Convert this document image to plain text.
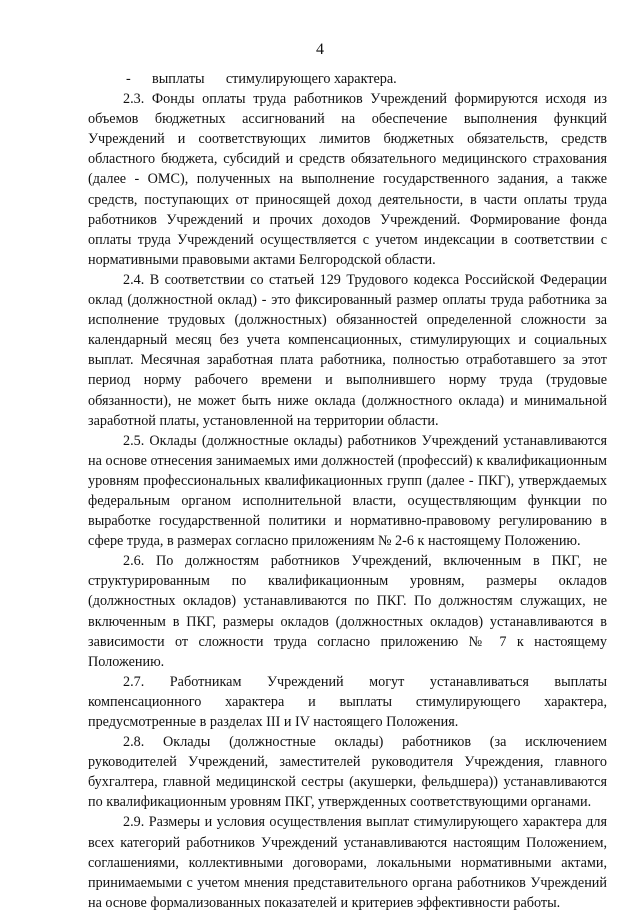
4

-	выплаты      стимулирующего характера.

2.3. Фонды оплаты труда работников Учреждений формируются исходя из объемов бюджетных ассигнований на обеспечение выполнения функций Учреждений и соответствующих лимитов бюджетных обязательств, средств областного бюджета, субсидий и средств обязательного медицинского страхования (далее - ОМС), полученных на выполнение государственного задания, а также средств, поступающих от приносящей доход деятельности, в части оплаты труда работников Учреждений и прочих доходов Учреждений. Формирование фонда оплаты труда Учреждений осуществляется с учетом индексации в соответствии с нормативными правовыми актами Белгородской области.

2.4. В соответствии со статьей 129 Трудового кодекса Российской Федерации оклад (должностной оклад) - это фиксированный размер оплаты труда работника за исполнение трудовых (должностных) обязанностей определенной сложности за календарный месяц без учета компенсационных, стимулирующих и социальных выплат. Месячная заработная плата работника, полностью отработавшего за этот период норму рабочего времени и выполнившего норму труда (трудовые обязанности), не может быть ниже оклада (должностного оклада) и минимальной заработной платы, установленной на территории области.

2.5. Оклады (должностные оклады) работников Учреждений устанавливаются на основе отнесения занимаемых ими должностей (профессий) к квалификационным уровням профессиональных квалификационных групп (далее - ПКГ), утверждаемых федеральным органом исполнительной власти, осуществляющим функции по выработке государственной политики и нормативно-правовому регулированию в сфере труда, в размерах согласно приложениям № 2-6 к настоящему Положению.

2.6. По должностям работников Учреждений, включенным в ПКГ, не структурированным по квалификационным уровням, размеры окладов (должностных окладов) устанавливаются по ПКГ. По должностям служащих, не включенным в ПКГ, размеры окладов (должностных окладов) устанавливаются в зависимости от сложности труда согласно приложению № 7 к настоящему Положению.

2.7. Работникам Учреждений могут устанавливаться выплаты компенсационного характера и выплаты стимулирующего характера, предусмотренные в разделах III и IV настоящего Положения.

2.8. Оклады (должностные оклады) работников (за исключением руководителей Учреждений, заместителей руководителя Учреждения, главного бухгалтера, главной медицинской сестры (акушерки, фельдшера)) устанавливаются по квалификационным уровням ПКГ, утвержденных соответствующими органами.

2.9. Размеры и условия осуществления выплат стимулирующего характера для всех категорий работников Учреждений устанавливаются настоящим Положением, соглашениями, коллективными договорами, локальными нормативными актами, принимаемыми с учетом мнения представительного органа работников Учреждений на основе формализованных показателей и критериев эффективности работы.
